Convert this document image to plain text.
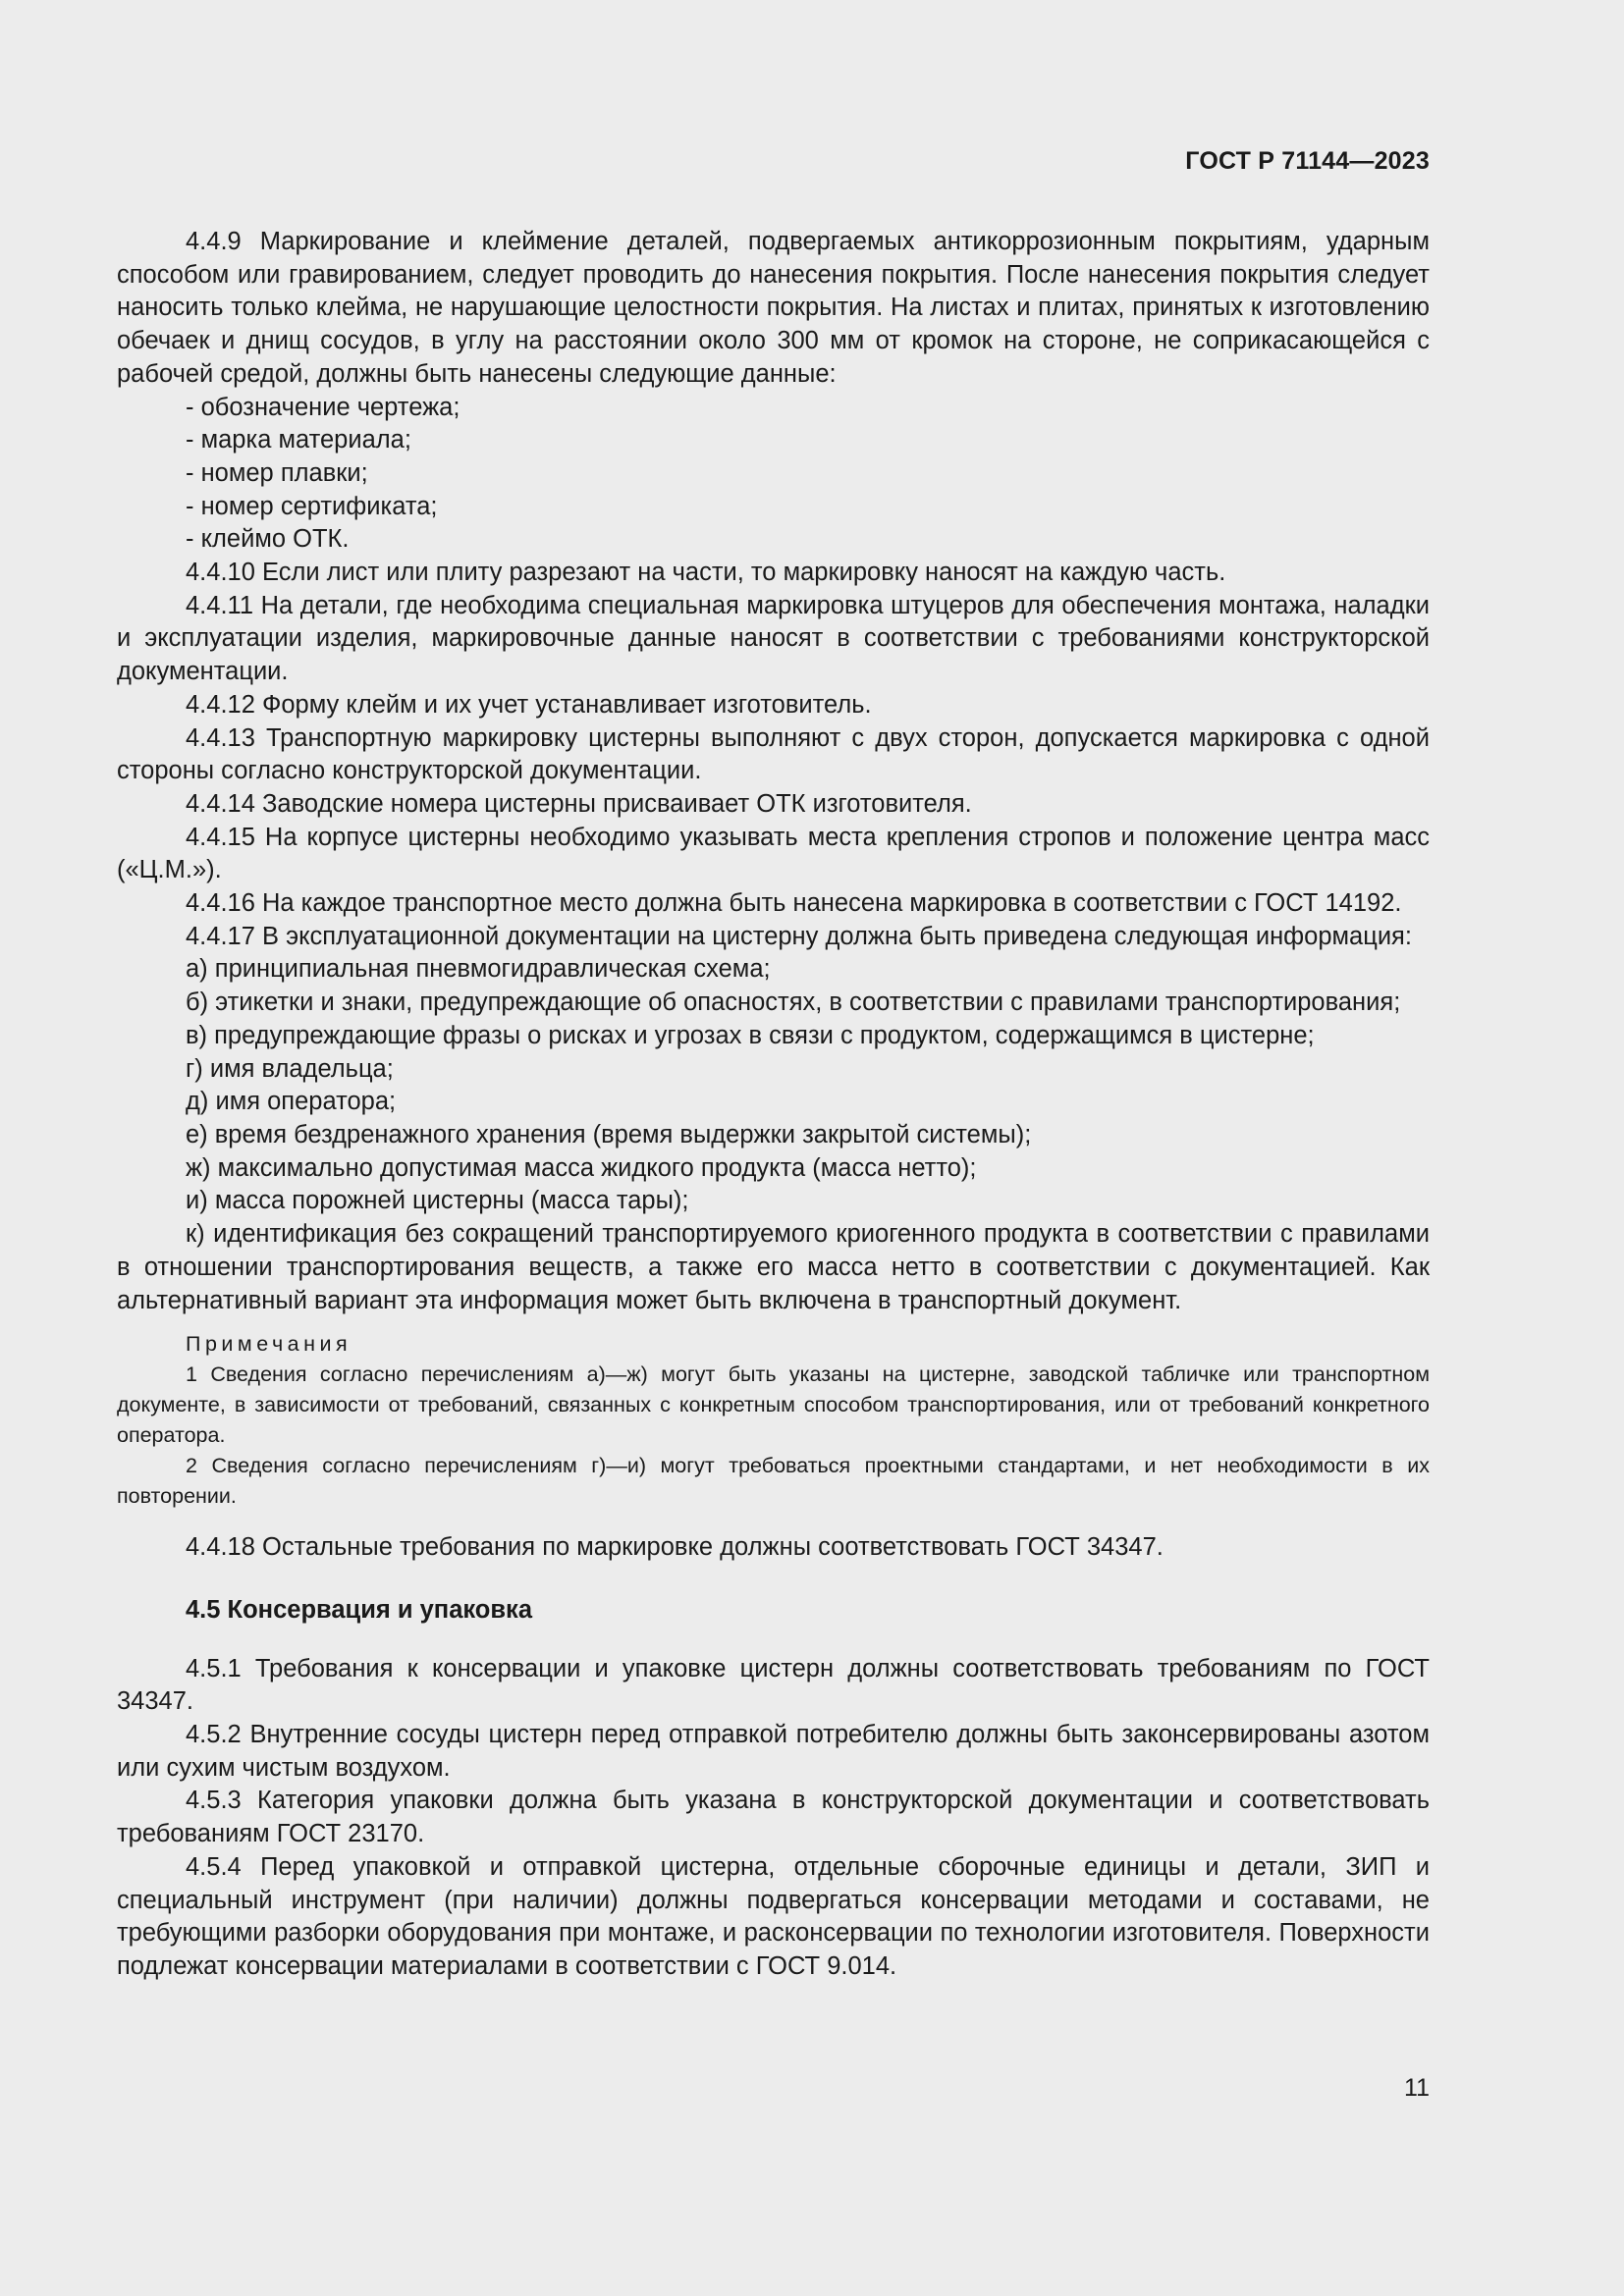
ГОСТ Р 71144—2023

4.4.9 Маркирование и клеймение деталей, подвергаемых антикоррозионным покрытиям, ударным способом или гравированием, следует проводить до нанесения покрытия. После нанесения покрытия следует наносить только клейма, не нарушающие целостности покрытия. На листах и плитах, принятых к изготовлению обечаек и днищ сосудов, в углу на расстоянии около 300 мм от кромок на стороне, не соприкасающейся с рабочей средой, должны быть нанесены следующие данные:

- обозначение чертежа;

- марка материала;

- номер плавки;

- номер сертификата;

- клеймо ОТК.

4.4.10 Если лист или плиту разрезают на части, то маркировку наносят на каждую часть.

4.4.11 На детали, где необходима специальная маркировка штуцеров для обеспечения монтажа, наладки и эксплуатации изделия, маркировочные данные наносят в соответствии с требованиями конструкторской документации.

4.4.12 Форму клейм и их учет устанавливает изготовитель.

4.4.13 Транспортную маркировку цистерны выполняют с двух сторон, допускается маркировка с одной стороны согласно конструкторской документации.

4.4.14 Заводские номера цистерны присваивает ОТК изготовителя.

4.4.15 На корпусе цистерны необходимо указывать места крепления стропов и положение центра масс («Ц.М.»).

4.4.16 На каждое транспортное место должна быть нанесена маркировка в соответствии с ГОСТ 14192.

4.4.17 В эксплуатационной документации на цистерну должна быть приведена следующая информация:

а) принципиальная пневмогидравлическая схема;

б) этикетки и знаки, предупреждающие об опасностях, в соответствии с правилами транспортирования;

в) предупреждающие фразы о рисках и угрозах в связи с продуктом, содержащимся в цистерне;

г) имя владельца;

д) имя оператора;

е) время бездренажного хранения (время выдержки закрытой системы);

ж) максимально допустимая масса жидкого продукта (масса нетто);

и) масса порожней цистерны (масса тары);

к) идентификация без сокращений транспортируемого криогенного продукта в соответствии с правилами в отношении транспортирования веществ, а также его масса нетто в соответствии с документацией. Как альтернативный вариант эта информация может быть включена в транспортный документ.

Примечания

1 Сведения согласно перечислениям а)—ж) могут быть указаны на цистерне, заводской табличке или транспортном документе, в зависимости от требований, связанных с конкретным способом транспортирования, или от требований конкретного оператора.

2 Сведения согласно перечислениям г)—и) могут требоваться проектными стандартами, и нет необходимости в их повторении.

4.4.18 Остальные требования по маркировке должны соответствовать ГОСТ 34347.

4.5 Консервация и упаковка

4.5.1 Требования к консервации и упаковке цистерн должны соответствовать требованиям по ГОСТ 34347.

4.5.2 Внутренние сосуды цистерн перед отправкой потребителю должны быть законсервированы азотом или сухим чистым воздухом.

4.5.3 Категория упаковки должна быть указана в конструкторской документации и соответствовать требованиям ГОСТ 23170.

4.5.4 Перед упаковкой и отправкой цистерна, отдельные сборочные единицы и детали, ЗИП и специальный инструмент (при наличии) должны подвергаться консервации методами и составами, не требующими разборки оборудования при монтаже, и расконсервации по технологии изготовителя. Поверхности подлежат консервации материалами в соответствии с ГОСТ 9.014.

11
